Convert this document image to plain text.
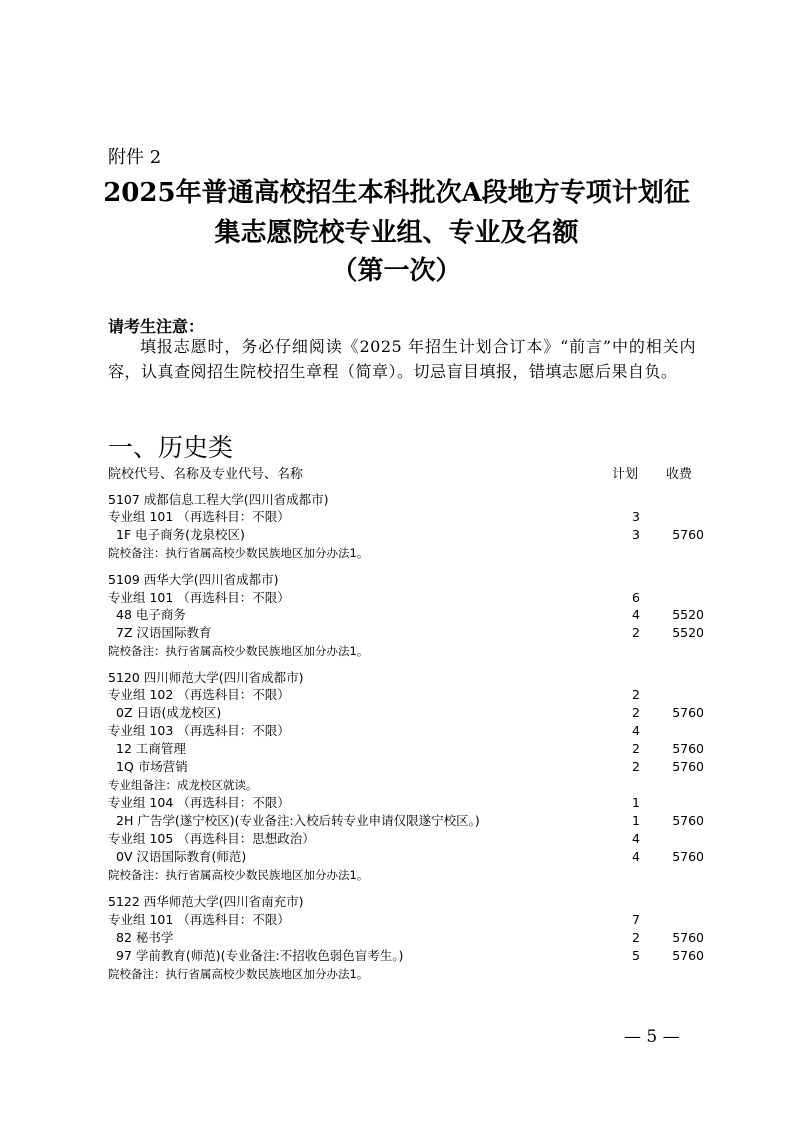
附件 2
2025年普通高校招生本科批次A段地方专项计划征
集志愿院校专业组、专业及名额
（第一次）
请考生注意：
填报志愿时，务必仔细阅读《2025 年招生计划合订本》“前言”中的相关内容，认真查阅招生院校招生章程（简章）。切忌盲目填报，错填志愿后果自负。
一、历史类
院校代号、名称及专业代号、名称	计划 收费
5107 成都信息工程大学(四川省成都市)
专业组 101 （再选科目：不限）	3
1F 电子商务(龙泉校区)	3	5760
院校备注：执行省属高校少数民族地区加分办法1。
5109 西华大学(四川省成都市)
专业组 101 （再选科目：不限）	6
48 电子商务	4	5520
7Z 汉语国际教育	2	5520
院校备注：执行省属高校少数民族地区加分办法1。
5120 四川师范大学(四川省成都市)
专业组 102 （再选科目：不限）	2
0Z 日语(成龙校区)	2	5760
专业组 103 （再选科目：不限）	4
12 工商管理	2	5760
1Q 市场营销	2	5760
专业组备注：成龙校区就读。
专业组 104 （再选科目：不限）	1
2H 广告学(遂宁校区)(专业备注:入校后转专业申请仅限遂宁校区。)	1	5760
专业组 105 （再选科目：思想政治）	4
0V 汉语国际教育(师范)	4	5760
院校备注：执行省属高校少数民族地区加分办法1。
5122 西华师范大学(四川省南充市)
专业组 101 （再选科目：不限）	7
82 秘书学	2	5760
97 学前教育(师范)(专业备注:不招收色弱色盲考生。)	5	5760
院校备注：执行省属高校少数民族地区加分办法1。
— 5 —
